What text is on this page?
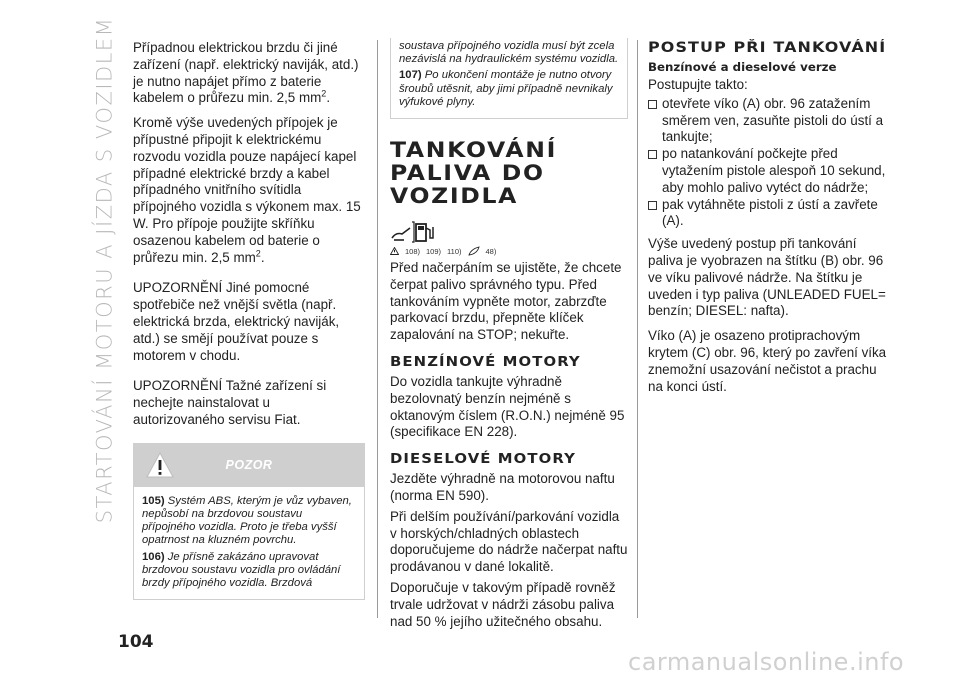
STARTOVÁNÍ MOTORU A JÍZDA S VOZIDLEM Případnou elektrickou brzdu či jiné zařízení (např. elektrický naviják, atd.) je nutno napájet přímo z baterie kabelem o průřezu min. 2,5 $mm^2$.

Kromě výše uvedených přípojek je přípustné připojit k elektrickému rozvodu vozidla pouze napájecí kapel případné elektrické brzdy a kabel případného vnitřního svítidla přípojného vozidla s výkonem max. 15 W. Pro přípoje použijte skříňku osazenou kabelem od baterie o průřezu min. 2,5 $mm^2$.

UPOZORNĚNÍ Jiné pomocné spotřebiče než vnější světla (např. elektrická brzda, elektrický naviják, atd.) se smějí používat pouze s motorem v chodu.

UPOZORNĚNÍ Tažné zařízení si nechejte nainstalovat u autorizovaného servisu Fiat.

POZOR

105) Systém ABS, kterým je vůz vybaven, nepůsobí na brzdovou soustavu přípojného vozidla. Proto je třeba vyšší opatrnost na kluzném povrchu.

106) Je přísně zakázáno upravovat brzdovou soustavu vozidla pro ovládání brzdy přípojného vozidla. Brzdová

soustava přípojného vozidla musí být zcela nezávislá na hydraulickém systému vozidla.

107) Po ukončení montáže je nutno otvory šroubů utěsnit, aby jimi případně nevnikaly výfukové plyny.

TANKOVÁNÍ PALIVA DO VOZIDLA
108) 109) 110)	48)

Před načerpáním se ujistěte, že chcete čerpat palivo správného typu. Před tankováním vypněte motor, zabrzďte parkovací brzdu, přepněte klíček zapalování na STOP; nekuřte.

BENZÍNOVÉ MOTORY

Do vozidla tankujte výhradně bezolovnatý benzín nejméně s oktanovým číslem (R.O.N.) nejméně 95 (specifikace EN 228).

DIESELOVÉ MOTORY

Jezděte výhradně na motorovou naftu (norma EN 590).

Při delším používání/parkování vozidla v horských/chladných oblastech doporučujeme do nádrže načerpat naftu prodávanou v dané lokalitě.

Doporučuje v takovým případě rovněž trvale udržovat v nádrži zásobu paliva nad 50 % jejího užitečného obsahu.

POSTUP PŘI TANKOVÁNÍ
Benzínové a dieselové verze

Postupujte takto:

otevřete víko (A) obr. 96 zatažením směrem ven, zasuňte pistoli do ústí a tankujte;
po natankování počkejte před vytažením pistole alespoň 10 sekund, aby mohlo palivo vytéct do nádrže;
pak vytáhněte pistoli z ústí a zavřete (A).

Výše uvedený postup při tankování paliva je vyobrazen na štítku (B) obr. 96 ve víku palivové nádrže. Na štítku je uveden i typ paliva (UNLEADED FUEL= benzín; DIESEL: nafta).

Víko (A) je osazeno protiprachovým krytem (C) obr. 96, který po zavření víka znemožní usazování nečistot a prachu na konci ústí.

104
carmanualsonline.info
